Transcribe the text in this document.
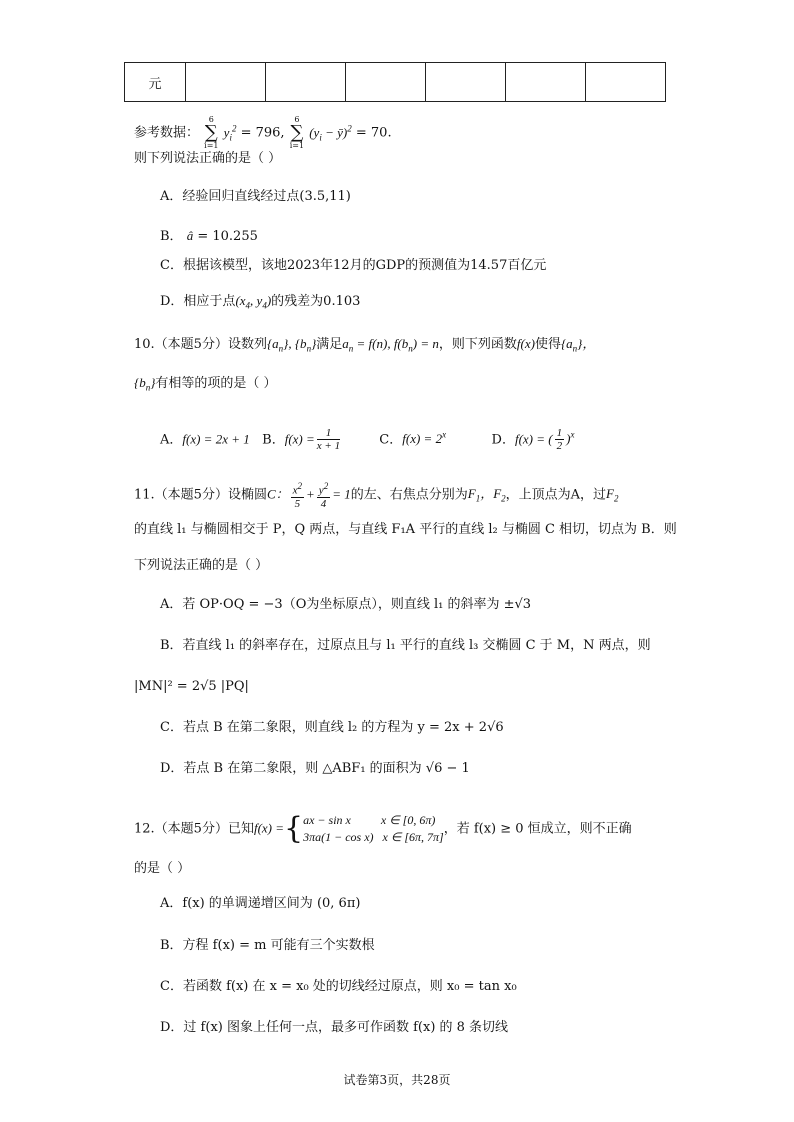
元						
参考数据：
6
∑
i=1
$y_i^2 = 796$,
6
∑
i=1
($y_i$ − ȳ)$^2$ = 70.
则下列说法正确的是（ ）
A．经验回归直线经过点(3.5,11)
B． â = 10.255
C．根据该模型，该地2023年12月的GDP的预测值为14.57百亿元
D．相应于点($x_4$, $y_4$)的残差为0.103
10.（本题5分）设数列$\{a_n\}$, $\{b_n\}$满足$a_n = f(n)$, $f(b_n) = n$，则下列函数f(x)使得$\{a_n\}$，
$\{b_n\}$有相等的项的是（ ）
A．f(x) = 2x + 1 B．$f(x) = \frac{1}{x + 1}$	C．$f(x) = 2^x$	D．f(x) = ( $\frac{1}{2} )^x$
11.（本题5分）设椭圆C： $\frac{x^2}{5} + \frac{y^2}{4} = 1$的左、右焦点分别为$F_1$，$F_2$，上顶点为A，过$F_2$
的直线 l₁ 与椭圆相交于 P，Q 两点，与直线 F₁A 平行的直线 l₂ 与椭圆 C 相切，切点为 B．则
下列说法正确的是（ ）
A．若 OP·OQ = −3（O为坐标原点），则直线 l₁ 的斜率为 ±√3
B．若直线 l₁ 的斜率存在，过原点且与 l₁ 平行的直线 l₃ 交椭圆 C 于 M，N 两点，则
|MN|² = 2√5 |PQ|
C．若点 B 在第二象限，则直线 l₂ 的方程为 y = 2x + 2√6
D．若点 B 在第二象限，则 △ABF₁ 的面积为 √6 − 1
12.（本题5分）已知f(x) ={ax − sin x	x ∈ [0, 6π)
3πa(1 − cos x) x ∈ [6π, 7π]，若 f(x) ≥ 0 恒成立，则不正确
的是（ ）
A．f(x) 的单调递增区间为 (0, 6π)
B．方程 f(x) = m 可能有三个实数根
C．若函数 f(x) 在 x = x₀ 处的切线经过原点，则 x₀ = tan x₀
D．过 f(x) 图象上任何一点，最多可作函数 f(x) 的 8 条切线
试卷第3页，共28页
